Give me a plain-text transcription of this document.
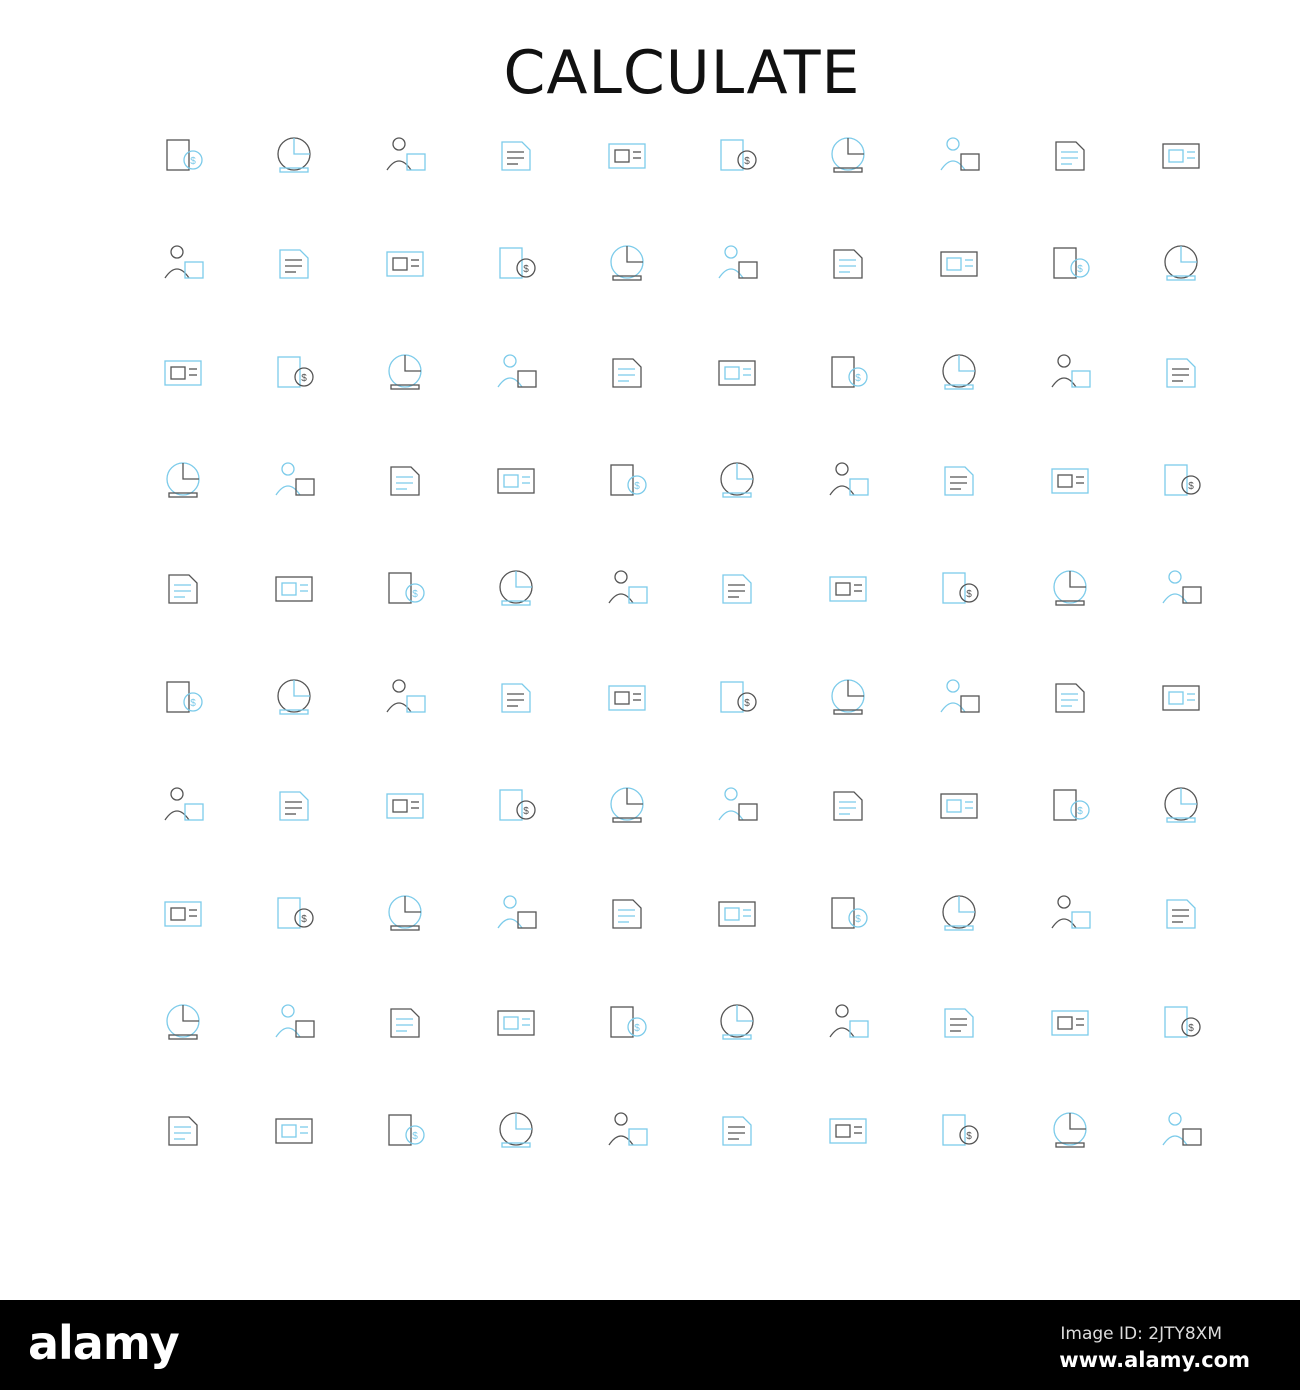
CALCULATE
$	$
$	$
$	$
$	$
$	$
$	$
$	$
$	$
$	$
$	$
alamy	Image ID: 2JTY8XM
www.alamy.com
